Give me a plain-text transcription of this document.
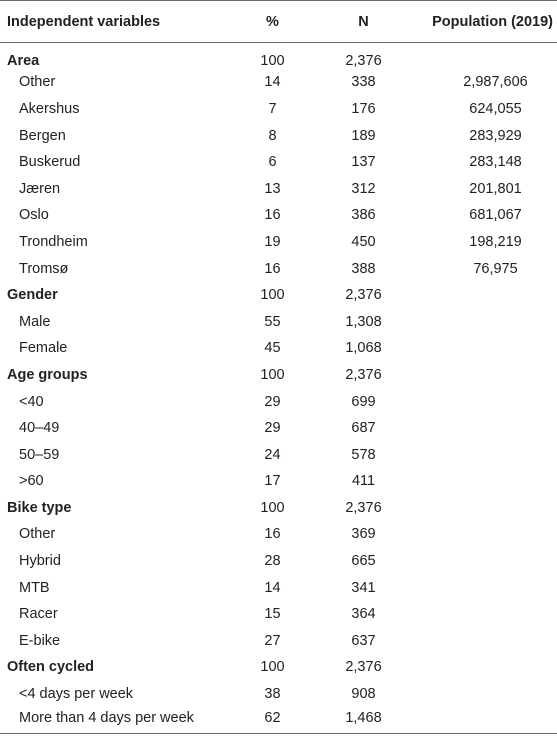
Independent variables	%	N	Population (2019)
Area	100	2,376	
Other	14	338	2,987,606
Akershus	7	176	624,055
Bergen	8	189	283,929
Buskerud	6	137	283,148
Jæren	13	312	201,801
Oslo	16	386	681,067
Trondheim	19	450	198,219
Tromsø	16	388	76,975
Gender	100	2,376	
Male	55	1,308	
Female	45	1,068	
Age groups	100	2,376	
<40	29	699	
40–49	29	687	
50–59	24	578	
>60	17	411	
Bike type	100	2,376	
Other	16	369	
Hybrid	28	665	
MTB	14	341	
Racer	15	364	
E-bike	27	637	
Often cycled	100	2,376	
<4 days per week	38	908	
More than 4 days per week	62	1,468	
